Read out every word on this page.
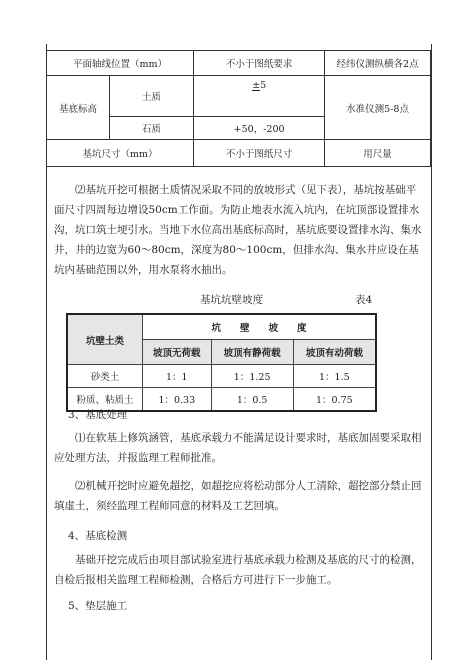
平面轴线位置（mm）		不小于图纸要求	经纬仪测纵横各2点
基底标高	土质	±5	水准仪测5-8点
	石质	+50，-200	
基坑尺寸（mm）		不小于图纸尺寸	用尺量

⑵基坑开挖可根据土质情况采取不同的放坡形式（见下表），基坑按基础平面尺寸四周每边增设50cm工作面。为防止地表水流入坑内，在坑顶部设置排水沟，坑口筑土埂引水。当地下水位高出基底标高时，基坑底要设置排水沟、集水井，井的边宽为60～80cm，深度为80～100cm，但排水沟、集水井应设在基坑内基础范围以外，用水泵将水抽出。

基坑坑壁坡度	表4
坑壁土类	坑　　壁　　坡　　度		
	坡顶无荷载	坡顶有静荷载	坡顶有动荷载
砂类土	1：1	1：1.25	1：1.5
粉质、粘质土	1：0.33	1：0.5	1：0.75
3、基底处理

⑴在软基上修筑涵管，基底承载力不能满足设计要求时，基底加固要采取相应处理方法，并报监理工程师批准。

⑵机械开挖时应避免超挖，如超挖应将松动部分人工清除，超挖部分禁止回填虚土，须经监理工程师同意的材料及工艺回填。

4、基底检测

基础开挖完成后由项目部试验室进行基底承载力检测及基底的尺寸的检测，自检后报相关监理工程师检测，合格后方可进行下一步施工。

5、垫层施工
